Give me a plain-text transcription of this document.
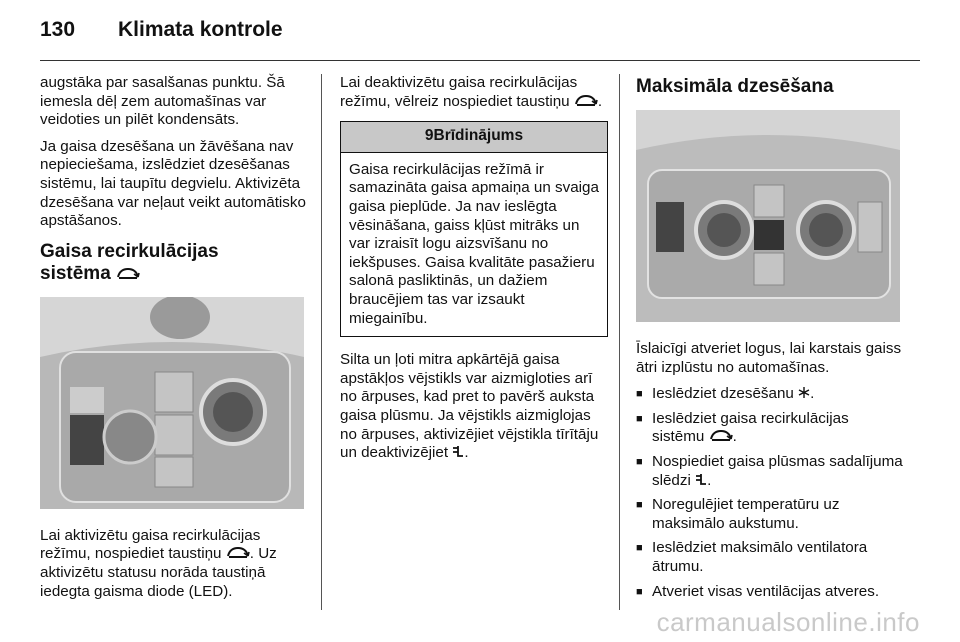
130	Klimata kontrole

augstāka par sasalšanas punktu. Šā iemesla dēļ zem automašīnas var veidoties un pilēt kondensāts.

Ja gaisa dzesēšana un žāvēšana nav nepieciešama, izslēdziet dzesēšanas sistēmu, lai taupītu degvielu. Aktivizēta dzesēšana var neļaut veikt automātisko apstāšanos.

Gaisa recirkulācijas
sistēma

Lai aktivizētu gaisa recirkulācijas režīmu, nospiediet taustiņu . Uz aktivizētu statusu norāda taustiņā iedegta gaisma diode (LED).

Lai deaktivizētu gaisa recirkulācijas režīmu, vēlreiz nospiediet taustiņu .

9Brīdinājums
Gaisa recirkulācijas režīmā ir samazināta gaisa apmaiņa un svaiga gaisa pieplūde. Ja nav ieslēgta vēsināšana, gaiss kļūst mitrāks un var izraisīt logu aizsvīšanu no iekšpuses. Gaisa kvalitāte pasažieru salonā pasliktinās, un dažiem braucējiem tas var izsaukt miegainību.

Silta un ļoti mitra apkārtējā gaisa apstākļos vējstikls var aizmigloties arī no ārpuses, kad pret to pavērš auksta gaisa plūsmu. Ja vējstikls aizmiglojas no ārpuses, aktivizējiet vējstikla tīrītāju un deaktivizējiet .

Maksimāla dzesēšana

Īslaicīgi atveriet logus, lai karstais gaiss ātri izplūstu no automašīnas.

■ Ieslēdziet dzesēšanu .
■ Ieslēdziet gaisa recirkulācijas sistēmu .
■ Nospiediet gaisa plūsmas sadalījuma slēdzi .
■ Noregulējiet temperatūru uz maksimālo aukstumu.
■ Ieslēdziet maksimālo ventilatora ātrumu.
■ Atveriet visas ventilācijas atveres.
carmanualsonline.info
